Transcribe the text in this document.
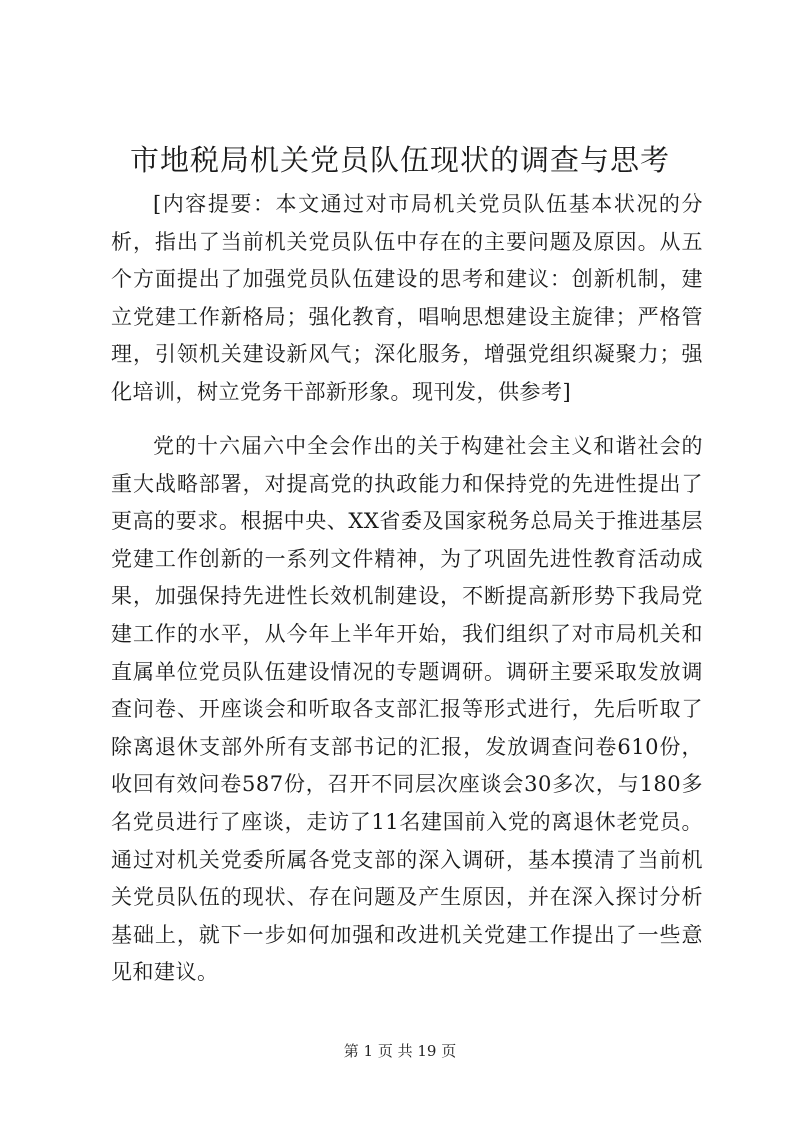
市地税局机关党员队伍现状的调查与思考

[内容提要：本文通过对市局机关党员队伍基本状况的分析，指出了当前机关党员队伍中存在的主要问题及原因。从五个方面提出了加强党员队伍建设的思考和建议：创新机制，建立党建工作新格局；强化教育，唱响思想建设主旋律；严格管理，引领机关建设新风气；深化服务，增强党组织凝聚力；强化培训，树立党务干部新形象。现刊发，供参考]

党的十六届六中全会作出的关于构建社会主义和谐社会的重大战略部署，对提高党的执政能力和保持党的先进性提出了更高的要求。根据中央、XX省委及国家税务总局关于推进基层党建工作创新的一系列文件精神，为了巩固先进性教育活动成果，加强保持先进性长效机制建设，不断提高新形势下我局党建工作的水平，从今年上半年开始，我们组织了对市局机关和直属单位党员队伍建设情况的专题调研。调研主要采取发放调查问卷、开座谈会和听取各支部汇报等形式进行，先后听取了除离退休支部外所有支部书记的汇报，发放调查问卷610份，收回有效问卷587份，召开不同层次座谈会30多次，与180多名党员进行了座谈，走访了11名建国前入党的离退休老党员。通过对机关党委所属各党支部的深入调研，基本摸清了当前机关党员队伍的现状、存在问题及产生原因，并在深入探讨分析基础上，就下一步如何加强和改进机关党建工作提出了一些意见和建议。

第 1 页 共 19 页
